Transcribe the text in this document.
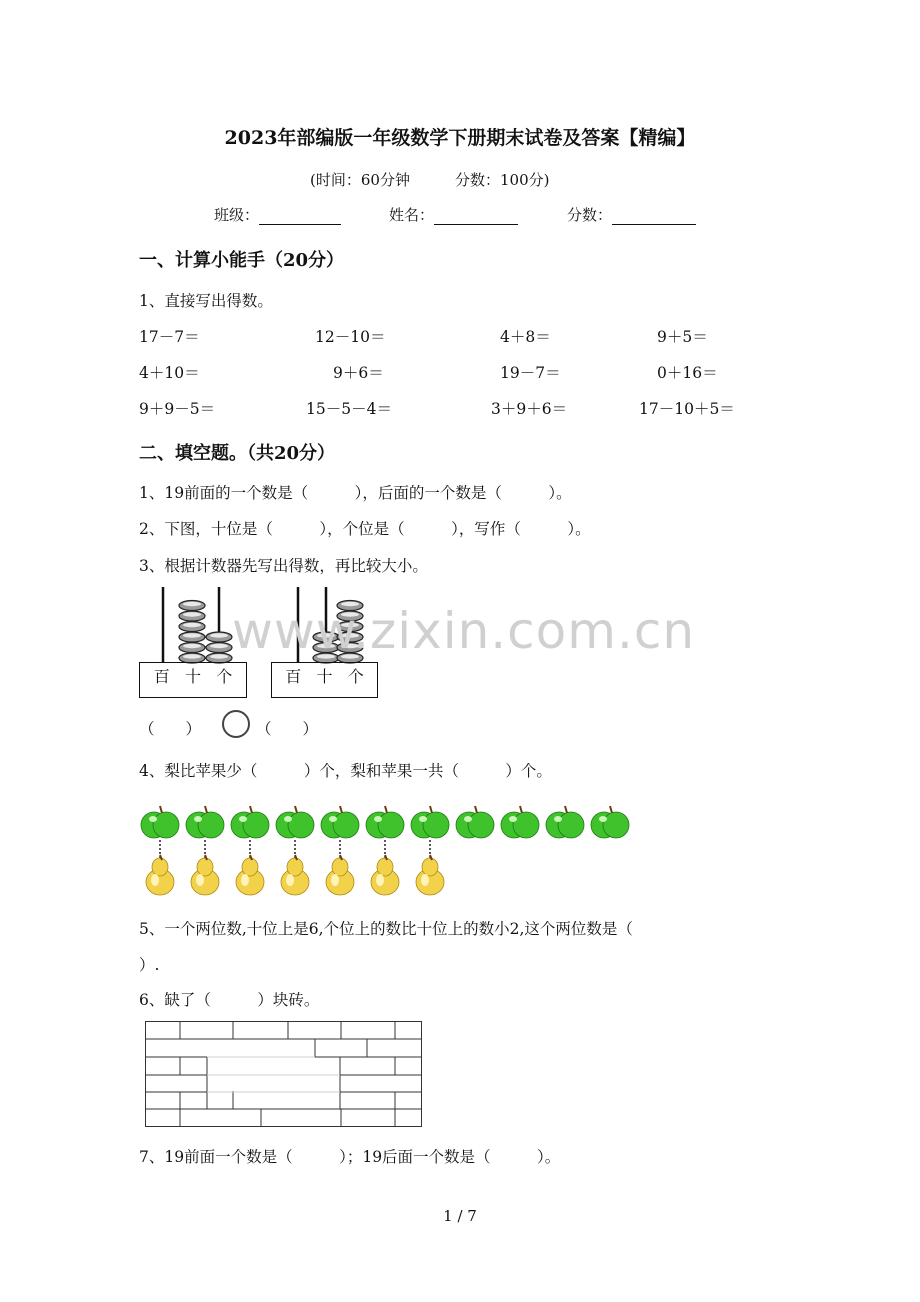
2023年部编版一年级数学下册期末试卷及答案【精编】
(时间：60分钟	分数：100分)
班级：	姓名：	分数：
一、计算小能手（20分）
1、直接写出得数。
17－7＝	12－10＝	4＋8＝	9＋5＝
4＋10＝	9＋6＝	19－7＝	0＋16＝
9＋9－5＝	15－5－4＝	3＋9＋6＝	17－10＋5＝
二、填空题。（共20分）
1、19前面的一个数是（　　　），后面的一个数是（　　　）。
2、下图，十位是（　　　），个位是（　　　），写作（　　　）。
3、根据计数器先写出得数，再比较大小。
百 十 个	百 十 个
（　　）	（　　）
4、梨比苹果少（　　　）个，梨和苹果一共（　　　）个。
5、一个两位数,十位上是6,个位上的数比十位上的数小2,这个两位数是（
）.
6、缺了（　　　）块砖。
7、19前面一个数是（　　　）；19后面一个数是（　　　）。
www.zixin.com.cn
1 / 7
